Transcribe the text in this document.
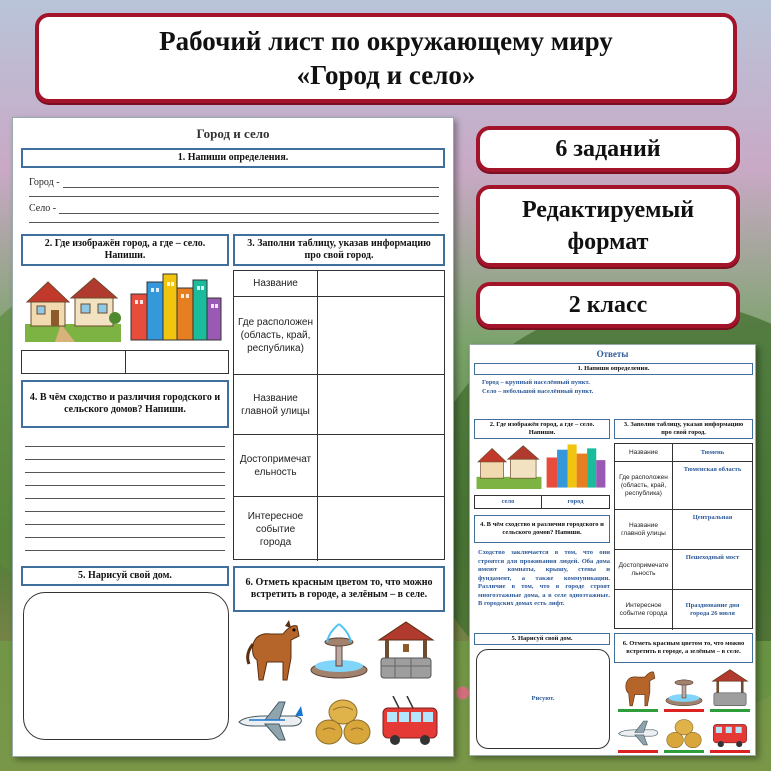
Рабочий лист по окружающему миру
«Город и село»
6 заданий
Редактируемый
формат
2 класс
Город и село
1. Напиши определения.
Город -
Село -
2. Где изображён город, а где – село. Напиши.
3. Заполни таблицу, указав информацию про свой город.
Название
Где расположен (область, край, республика)
Название главной улицы
Достопримечательность
Интересное событие города
4. В чём сходство и различия городского и сельского домов? Напиши.
5. Нарисуй свой дом.
6. Отметь красным цветом то, что можно встретить в городе, а зелёным – в селе.
Ответы
1. Напиши определения.
Город – крупный населённый пункт.
Село – небольшой населённый пункт.
2. Где изображён город, а где – село. Напиши.
3. Заполни таблицу, указав информацию про свой город.
село	город
Название	Тюмень
Где расположен (область, край, республика)
Тюменская область
Название главной улицы
Центральная
Достопримечательность
Пешеходный мост
Интересное событие города
Празднование дня города 26 июля
4. В чём сходство и различия городского и сельского домов? Напиши.
Сходство заключается в том, что они строятся для проживания людей. Оба дома имеют комнаты, крышу, стены и фундамент, а также коммуникации. Различие в том, что в городе строят многоэтажные дома, а в селе одноэтажные. В городских домах есть лифт.
5. Нарисуй свой дом.
Рисуют.
6. Отметь красным цветом то, что можно встретить в городе, а зелёным – в селе.
